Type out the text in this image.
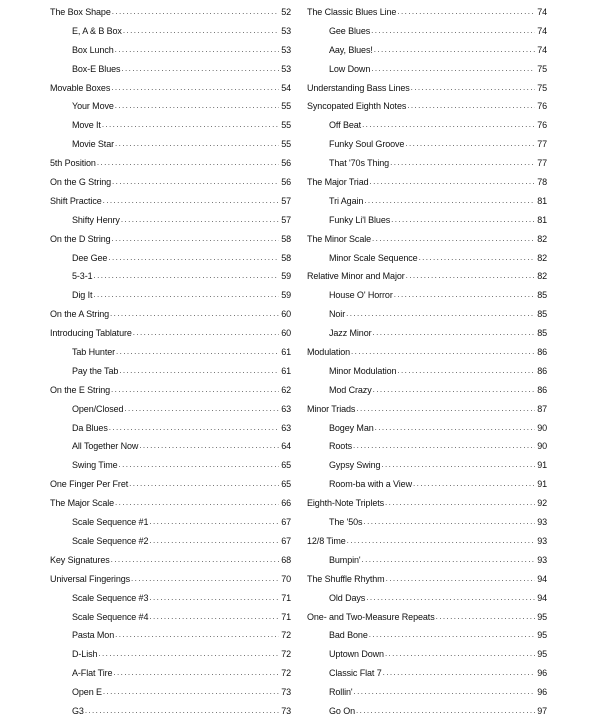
The Box Shape .....	52
E, A & B Box .....	53
Box Lunch .....	53
Box-E Blues .....	53
Movable Boxes .....	54
Your Move .....	55
Move It .....	55
Movie Star .....	55
5th Position .....	56
On the G String .....	56
Shift Practice .....	57
Shifty Henry .....	57
On the D String .....	58
Dee Gee .....	58
5-3-1 .....	59
Dig It .....	59
On the A String .....	60
Introducing Tablature .....	60
Tab Hunter .....	61
Pay the Tab .....	61
On the E String .....	62
Open/Closed .....	63
Da Blues .....	63
All Together Now .....	64
Swing Time .....	65
One Finger Per Fret .....	65
The Major Scale .....	66
Scale Sequence #1 .....	67
Scale Sequence #2 .....	67
Key Signatures .....	68
Universal Fingerings .....	70
Scale Sequence #3 .....	71
Scale Sequence #4 .....	71
Pasta Mon .....	72
D-Lish .....	72
A-Flat Tire .....	72
Open E .....	73
G3 .....	73
The Classic Blues Line .....	74
Gee Blues .....	74
Aay, Blues! .....	74
Low Down .....	75
Understanding Bass Lines .....	75
Syncopated Eighth Notes .....	76
Off Beat .....	76
Funky Soul Groove .....	77
That '70s Thing .....	77
The Major Triad .....	78
Tri Again .....	81
Funky Li'l Blues .....	81
The Minor Scale .....	82
Minor Scale Sequence .....	82
Relative Minor and Major .....	82
House O' Horror .....	85
Noir .....	85
Jazz Minor .....	85
Modulation .....	86
Minor Modulation .....	86
Mod Crazy .....	86
Minor Triads .....	87
Bogey Man .....	90
Roots .....	90
Gypsy Swing .....	91
Room-ba with a View .....	91
Eighth-Note Triplets .....	92
The '50s .....	93
12/8 Time .....	93
Bumpin' .....	93
The Shuffle Rhythm .....	94
Old Days .....	94
One- and Two-Measure Repeats .....	95
Bad Bone .....	95
Uptown Down .....	95
Classic Flat 7 .....	96
Rollin' .....	96
Go On .....	97
